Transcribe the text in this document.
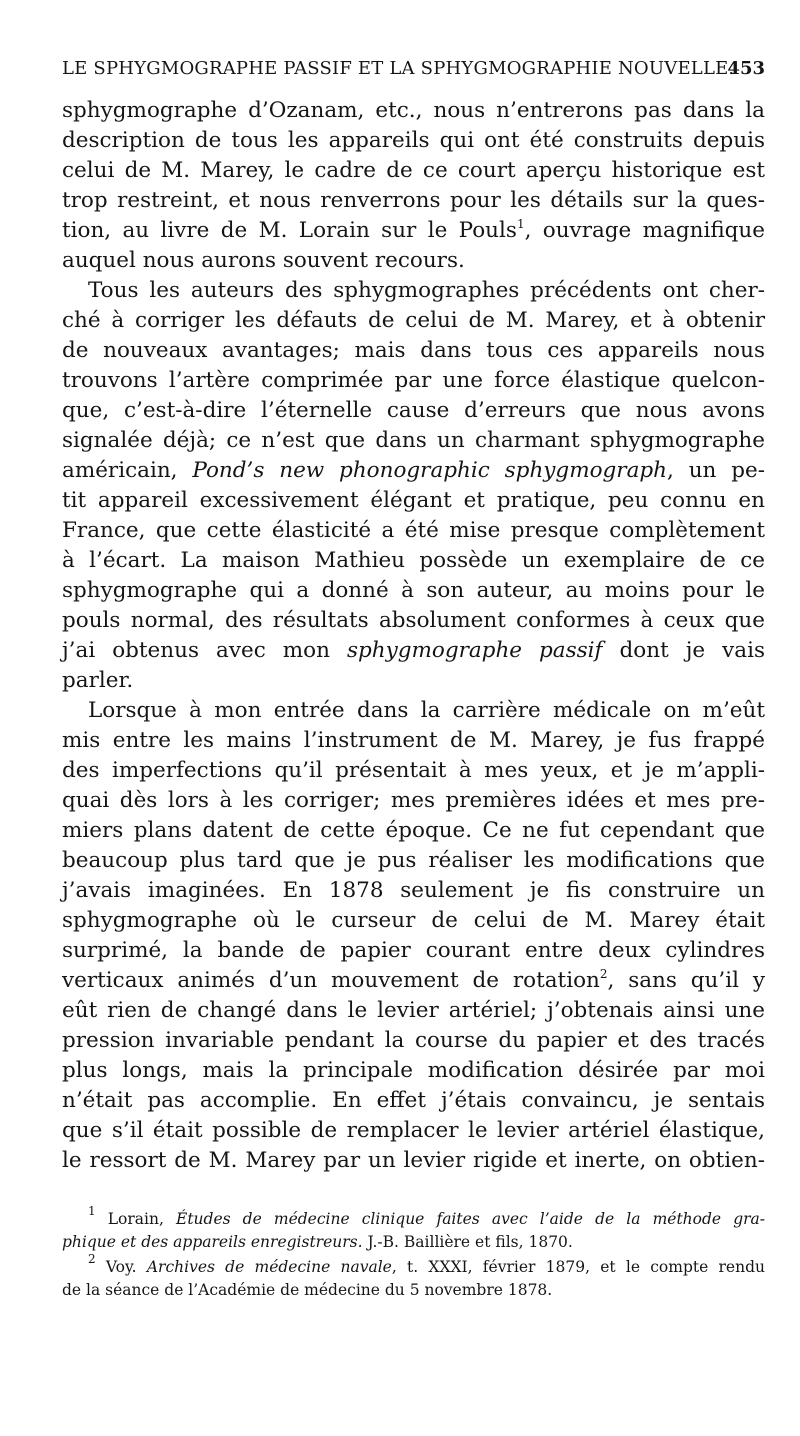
LE SPHYGMOGRAPHE PASSIF ET LA SPHYGMOGRAPHIE NOUVELLE.
453
sphygmographe d’Ozanam, etc., nous n’entrerons pas dans la
description de tous les appareils qui ont été construits depuis
celui de M. Marey, le cadre de ce court aperçu historique est
trop restreint, et nous renverrons pour les détails sur la ques-
tion, au livre de M. Lorain sur le Pouls$^1$, ouvrage magnifique
auquel nous aurons souvent recours.
Tous les auteurs des sphygmographes précédents ont cher-
ché à corriger les défauts de celui de M. Marey, et à obtenir
de nouveaux avantages; mais dans tous ces appareils nous
trouvons l’artère comprimée par une force élastique quelcon-
que, c’est-à-dire l’éternelle cause d’erreurs que nous avons
signalée déjà; ce n’est que dans un charmant sphygmographe
américain, Pond’s new phonographic sphygmograph, un pe-
tit appareil excessivement élégant et pratique, peu connu en
France, que cette élasticité a été mise presque complètement
à l’écart. La maison Mathieu possède un exemplaire de ce
sphygmographe qui a donné à son auteur, au moins pour le
pouls normal, des résultats absolument conformes à ceux que
j’ai obtenus avec mon sphygmographe passif dont je vais
parler.
Lorsque à mon entrée dans la carrière médicale on m’eût
mis entre les mains l’instrument de M. Marey, je fus frappé
des imperfections qu’il présentait à mes yeux, et je m’appli-
quai dès lors à les corriger; mes premières idées et mes pre-
miers plans datent de cette époque. Ce ne fut cependant que
beaucoup plus tard que je pus réaliser les modifications que
j’avais imaginées. En 1878 seulement je fis construire un
sphygmographe où le curseur de celui de M. Marey était
surprimé, la bande de papier courant entre deux cylindres
verticaux animés d’un mouvement de rotation$^2$, sans qu’il y
eût rien de changé dans le levier artériel; j’obtenais ainsi une
pression invariable pendant la course du papier et des tracés
plus longs, mais la principale modification désirée par moi
n’était pas accomplie. En effet j’étais convaincu, je sentais
que s’il était possible de remplacer le levier artériel élastique,
le ressort de M. Marey par un levier rigide et inerte, on obtien-
$^1$ Lorain, Études de médecine clinique faites avec l’aide de la méthode gra-
phique et des appareils enregistreurs. J.-B. Baillière et fils, 1870.
$^2$ Voy. Archives de médecine navale, t. XXXI, février 1879, et le compte rendu
de la séance de l’Académie de médecine du 5 novembre 1878.
